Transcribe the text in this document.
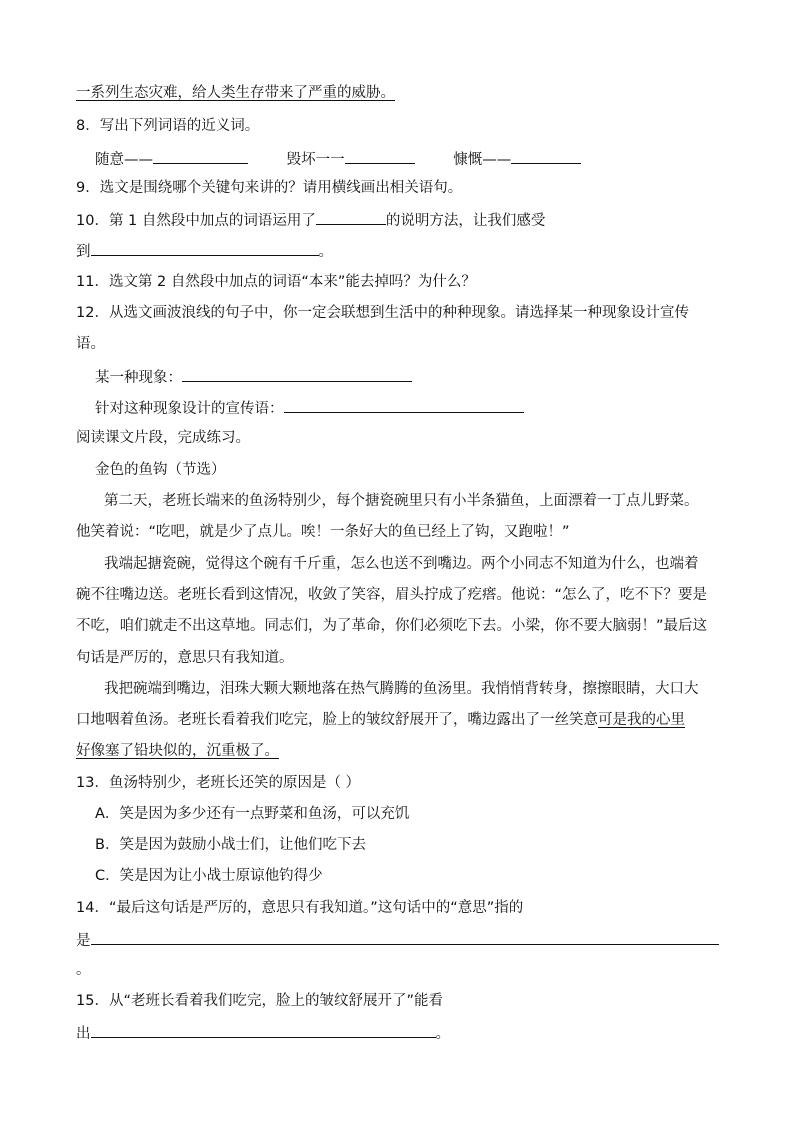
一系列生态灾难，给人类生存带来了严重的威胁。
8．写出下列词语的近义词。
随意——	毁坏一一	慷慨——
9．选文是围绕哪个关键句来讲的？请用横线画出相关语句。
10．第 1 自然段中加点的词语运用了	的说明方法，让我们感受
到	。
11．选文第 2 自然段中加点的词语“本来”能去掉吗？为什么？
12．从选文画波浪线的句子中，你一定会联想到生活中的种种现象。请选择某一种现象设计宣传
语。
某一种现象：
针对这种现象设计的宣传语：
阅读课文片段，完成练习。
金色的鱼钩（节选）
第二天，老班长端来的鱼汤特别少，每个搪瓷碗里只有小半条猫鱼，上面漂着一丁点儿野菜。
他笑着说：“吃吧，就是少了点儿。唉！一条好大的鱼已经上了钩，又跑啦！”
我端起搪瓷碗，觉得这个碗有千斤重，怎么也送不到嘴边。两个小同志不知道为什么，也端着
碗不往嘴边送。老班长看到这情况，收敛了笑容，眉头拧成了疙瘩。他说：“怎么了，吃不下？要是
不吃，咱们就走不出这草地。同志们，为了革命，你们必须吃下去。小梁，你不要大脑弱！”最后这
句话是严厉的，意思只有我知道。
我把碗端到嘴边，泪珠大颗大颗地落在热气腾腾的鱼汤里。我悄悄背转身，擦擦眼睛，大口大
口地咽着鱼汤。老班长看着我们吃完，脸上的皱纹舒展开了，嘴边露出了一丝笑意可是我的心里
好像塞了铅块似的，沉重极了。
13．鱼汤特别少，老班长还笑的原因是（ ）
A．笑是因为多少还有一点野菜和鱼汤，可以充饥
B．笑是因为鼓励小战士们，让他们吃下去
C．笑是因为让小战士原谅他钓得少
14．“最后这句话是严厉的，意思只有我知道。”这句话中的“意思”指的
是
。
15．从“老班长看着我们吃完，脸上的皱纹舒展开了”能看
出	。
